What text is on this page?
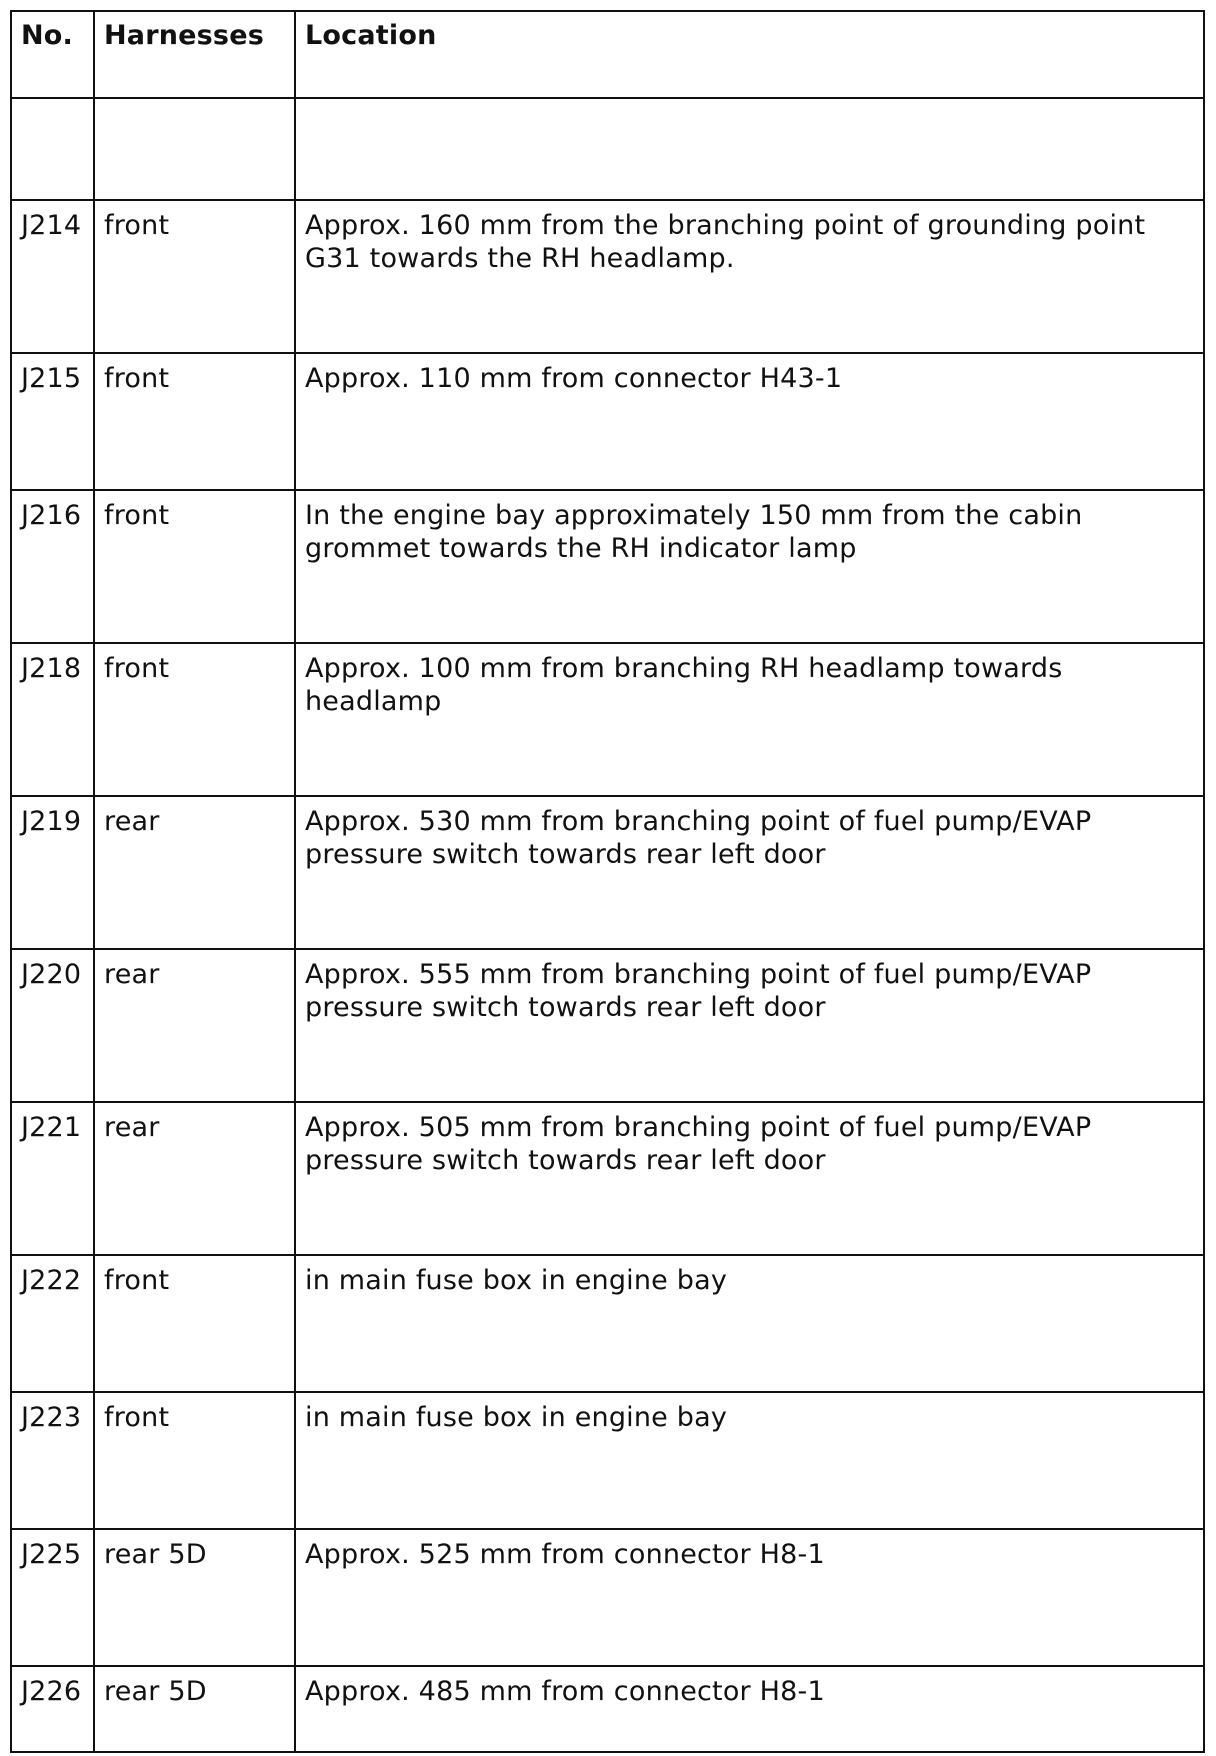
No.	Harnesses	Location

J214	front	Approx. 160 mm from the branching point of grounding point G31 towards the RH headlamp.
J215	front	Approx. 110 mm from connector H43-1
J216	front	In the engine bay approximately 150 mm from the cabin grommet towards the RH indicator lamp
J218	front	Approx. 100 mm from branching RH headlamp towards headlamp
J219	rear	Approx. 530 mm from branching point of fuel pump/EVAP pressure switch towards rear left door
J220	rear	Approx. 555 mm from branching point of fuel pump/EVAP pressure switch towards rear left door
J221	rear	Approx. 505 mm from branching point of fuel pump/EVAP pressure switch towards rear left door
J222	front	in main fuse box in engine bay
J223	front	in main fuse box in engine bay
J225	rear 5D	Approx. 525 mm from connector H8-1
J226	rear 5D	Approx. 485 mm from connector H8-1
